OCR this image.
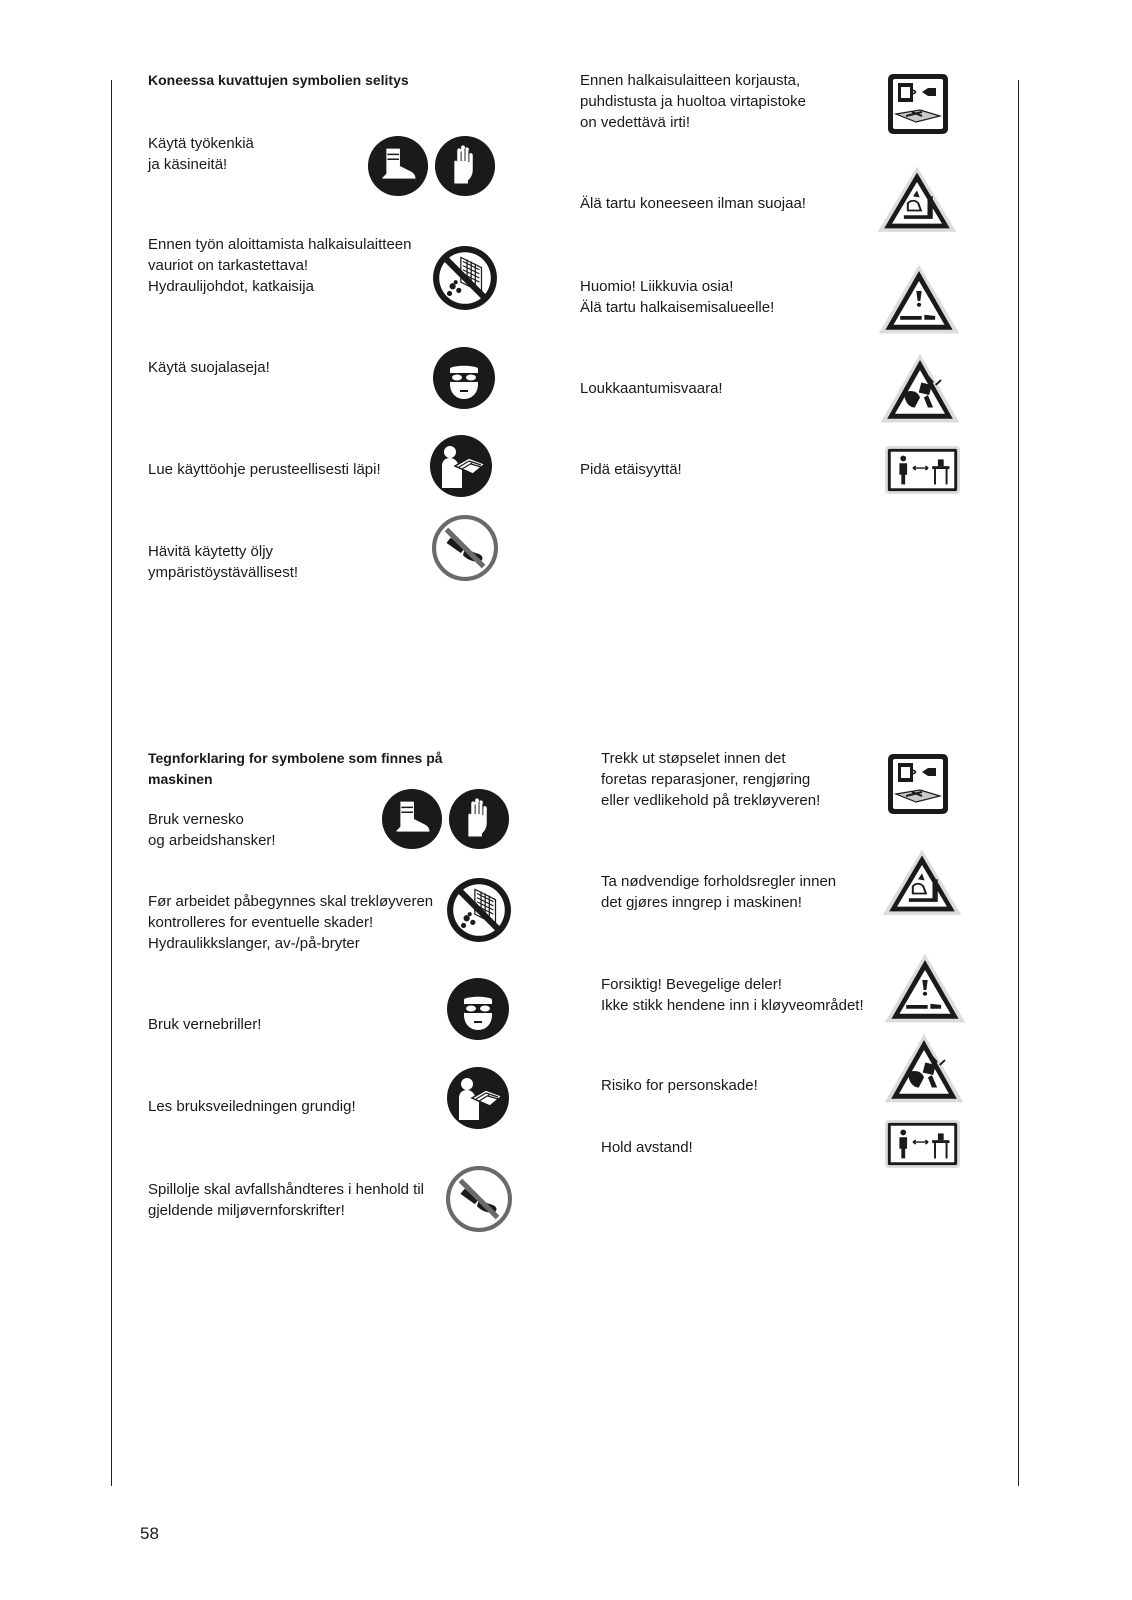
Koneessa kuvattujen symbolien selitys
Käytä työkenkiä
ja käsineitä!
Ennen työn aloittamista halkaisulaitteen
vauriot on tarkastettava!
Hydraulijohdot, katkaisija
Käytä suojalaseja!
Lue käyttöohje perusteellisesti läpi!
Hävitä käytetty öljy
ympäristöystävällisest!
Ennen halkaisulaitteen korjausta,
puhdistusta ja huoltoa virtapistoke
on vedettävä irti!
Älä tartu koneeseen ilman suojaa!
Huomio! Liikkuvia osia!
Älä tartu halkaisemisalueelle!
Loukkaantumisvaara!
Pidä etäisyyttä!
Tegnforklaring for symbolene som finnes på
maskinen
Bruk vernesko
og arbeidshansker!
Før arbeidet påbegynnes skal trekløyveren
kontrolleres for eventuelle skader!
Hydraulikkslanger, av-/på-bryter
Bruk vernebriller!
Les bruksveiledningen grundig!
Spillolje skal avfallshåndteres i henhold til
gjeldende miljøvernforskrifter!
Trekk ut støpselet innen det
foretas reparasjoner, rengjøring
eller vedlikehold på trekløyveren!
Ta nødvendige forholdsregler innen
det gjøres inngrep i maskinen!
Forsiktig! Bevegelige deler!
Ikke stikk hendene inn i kløyveområdet!
Risiko for personskade!
Hold avstand!
58
